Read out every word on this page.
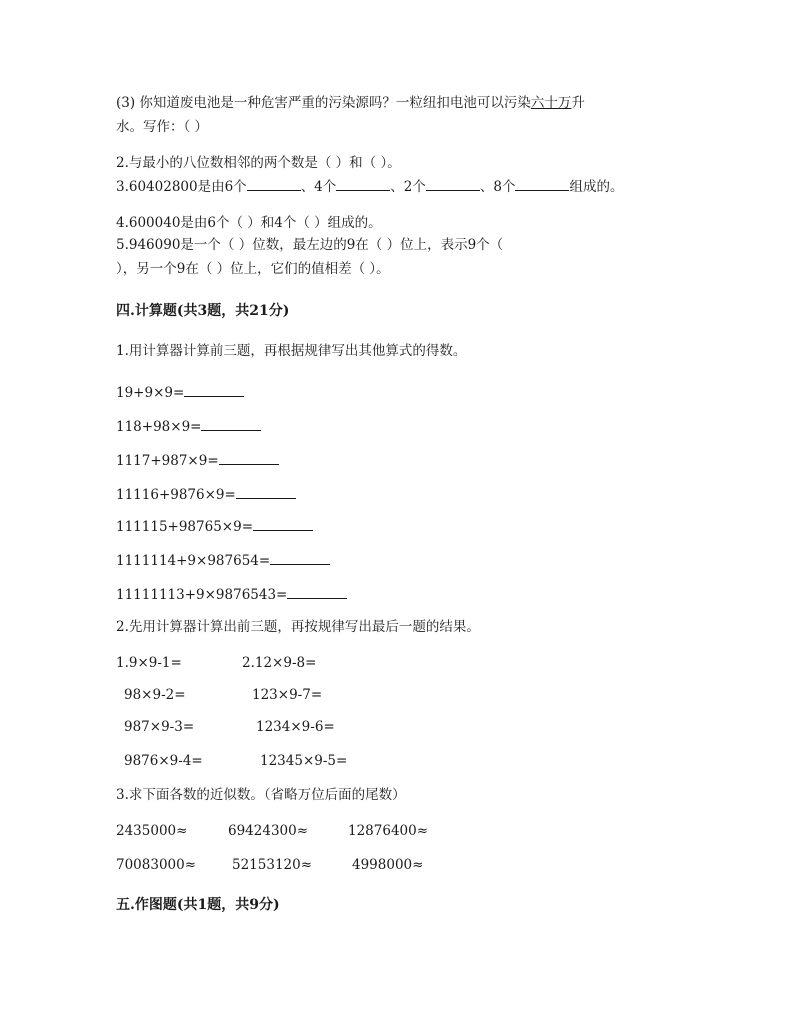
(3) 你知道废电池是一种危害严重的污染源吗？一粒纽扣电池可以污染六十万升
水。写作：（ ）
2.与最小的八位数相邻的两个数是（ ）和（ ）。
3.60402800是由6个	、4个	、2个	、8个	组成的。
4.600040是由6个（ ）和4个（ ）组成的。
5.946090是一个（ ）位数，最左边的9在（ ）位上，表示9个（
），另一个9在（ ）位上，它们的值相差（ ）。
四.计算题(共3题，共21分)
1.用计算器计算前三题，再根据规律写出其他算式的得数。
19+9×9=
118+98×9=
1117+987×9=
11116+9876×9=
111115+98765×9=
1111114+9×987654=
11111113+9×9876543=
2.先用计算器计算出前三题，再按规律写出最后一题的结果。
1.9×9-1=	2.12×9-8=
98×9-2=	123×9-7=
987×9-3=	1234×9-6=
9876×9-4=	12345×9-5=
3.求下面各数的近似数。（省略万位后面的尾数）
2435000≈	69424300≈	12876400≈
70083000≈	52153120≈	4998000≈
五.作图题(共1题，共9分)
